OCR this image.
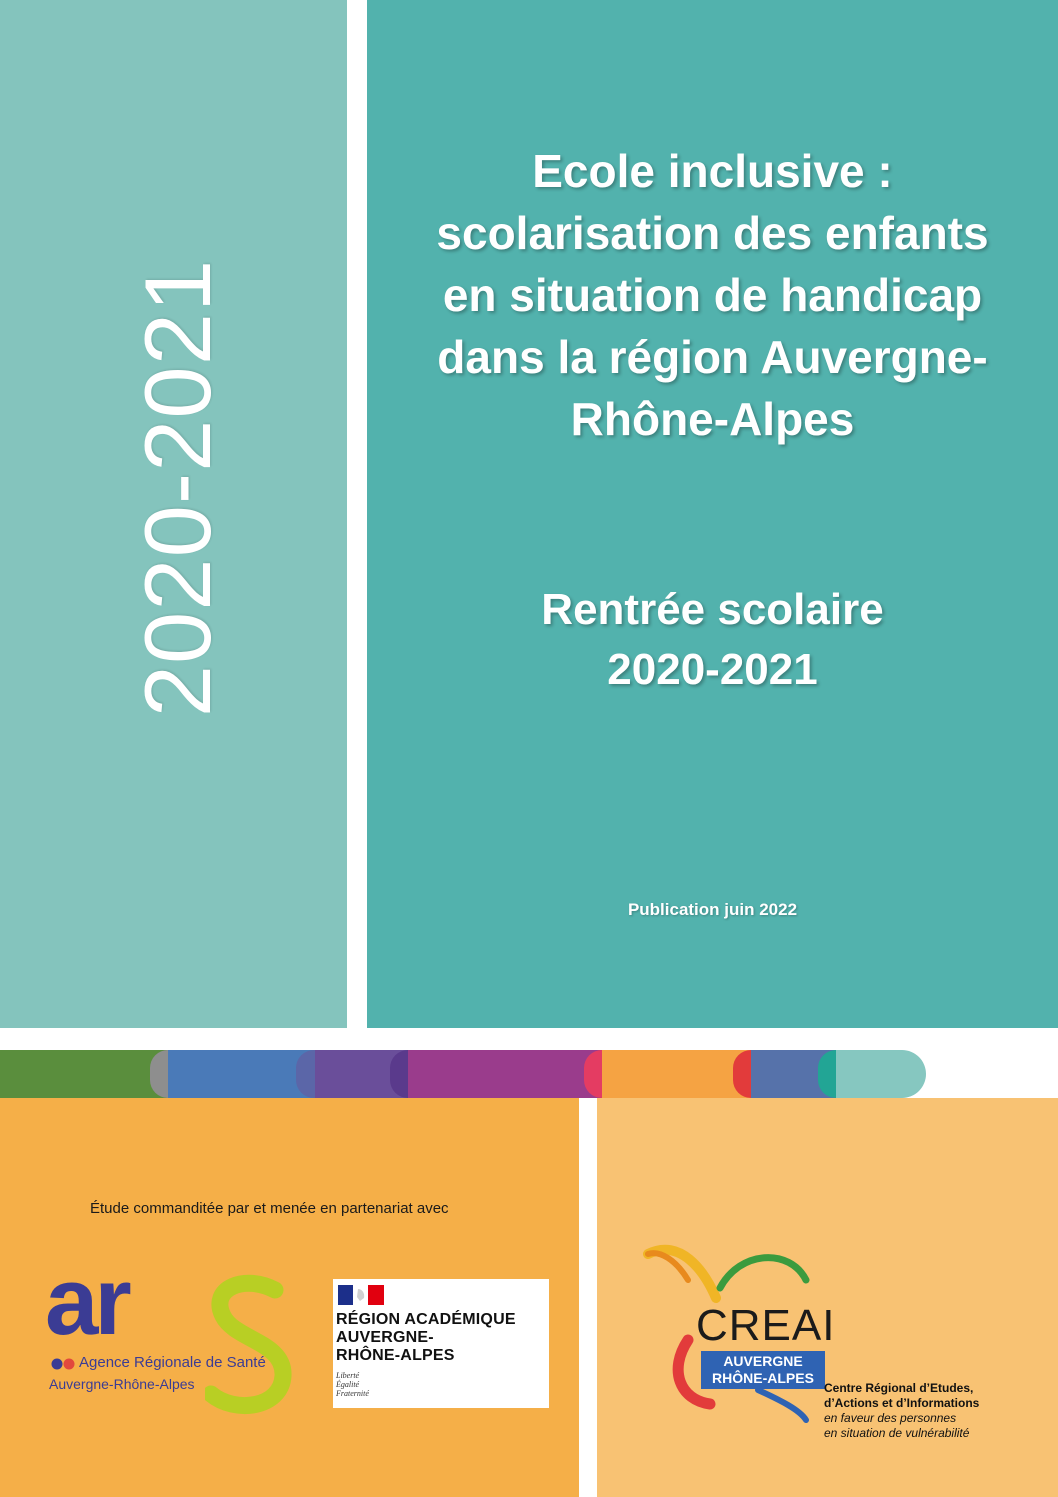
2020-2021
Ecole inclusive :
scolarisation des enfants
en situation de handicap
dans la région Auvergne-
Rhône-Alpes
Rentrée scolaire
2020-2021
Publication juin 2022
Étude commanditée par et menée en partenariat avec
ar
Agence Régionale de Santé
Auvergne-Rhône-Alpes
RÉGION ACADÉMIQUE
AUVERGNE-
RHÔNE-ALPES
Liberté
Égalité
Fraternité
CREAI
AUVERGNE
RHÔNE-ALPES
Centre Régional d’Etudes,
d’Actions et d’Informations
en faveur des personnes
en situation de vulnérabilité
